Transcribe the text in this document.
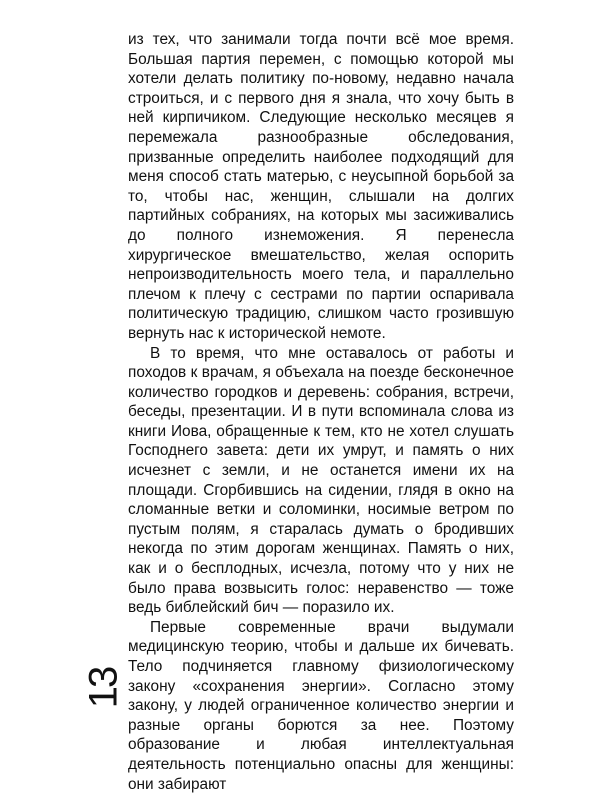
из тех, что занимали тогда почти всё мое время. Большая партия перемен, с помощью которой мы хотели делать политику по-новому, недавно начала строиться, и с первого дня я знала, что хочу быть в ней кирпичиком. Следующие несколько месяцев я перемежала разнообразные обследования, призванные определить наиболее подходящий для меня способ стать матерью, с неусыпной борьбой за то, чтобы нас, женщин, слышали на долгих партийных собраниях, на которых мы засиживались до полного изнеможения. Я перенесла хирургическое вмешательство, желая оспорить непроизводительность моего тела, и параллельно плечом к плечу с сестрами по партии оспаривала политическую традицию, слишком часто грозившую вернуть нас к исторической немоте.

В то время, что мне оставалось от работы и походов к врачам, я объехала на поезде бесконечное количество городков и деревень: собрания, встречи, беседы, презентации. И в пути вспоминала слова из книги Иова, обращенные к тем, кто не хотел слушать Господнего завета: дети их умрут, и память о них исчезнет с земли, и не останется имени их на площади. Сгорбившись на сидении, глядя в окно на сломанные ветки и соломинки, носимые ветром по пустым полям, я старалась думать о бродивших некогда по этим дорогам женщинах. Память о них, как и о бесплодных, исчезла, потому что у них не было права возвысить голос: неравенство — тоже ведь библейский бич — поразило их.

Первые современные врачи выдумали медицинскую теорию, чтобы и дальше их бичевать. Тело подчиняется главному физиологическому закону «сохранения энергии». Согласно этому закону, у людей ограниченное количество энергии и разные органы борются за нее. Поэтому образование и любая интеллектуальная деятельность потенциально опасны для женщины: они забирают

13
